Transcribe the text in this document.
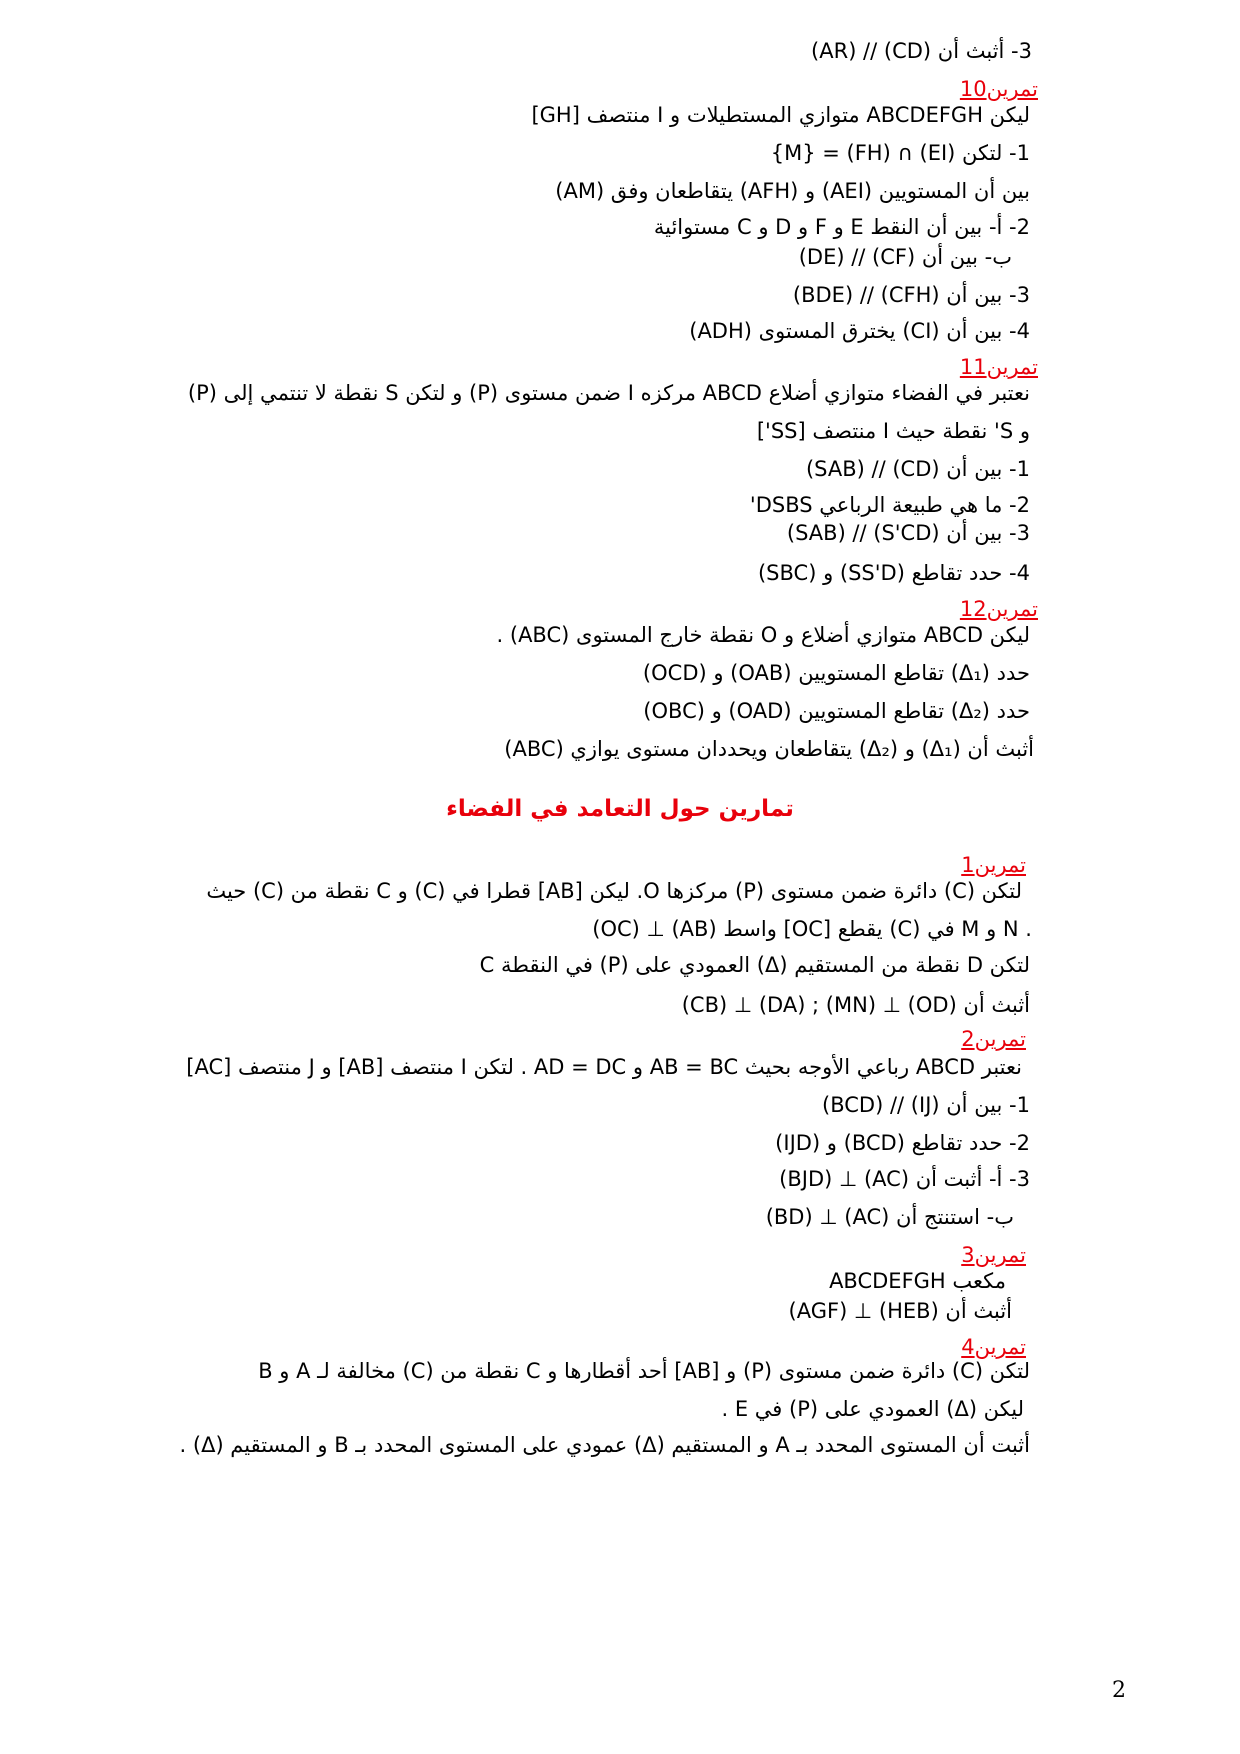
3- أثبث أن (CD) // (AR)
تمرين10
ليكن ABCDEFGH متوازي المستطيلات و I منتصف [GH]
1- لتكن (EI) ∩ (FH) = {M}
بين أن المستويين (AEI) و (AFH) يتقاطعان وفق (AM)
2- أ- بين أن النقط E و F و D و C مستوائية
ب- بين أن (CF) // (DE)
3- بين أن (CFH) // (BDE)
4- بين أن (CI) يخترق المستوى (ADH)
تمرين11
نعتبر في الفضاء متوازي أضلاع ABCD مركزه I ضمن مستوى (P) و لتكن S نقطة لا تنتمي إلى (P)
و S' نقطة حيث I منتصف [SS']
1- بين أن (CD) // (SAB)
2- ما هي طبيعة الرباعي DSBS'
3- بين أن (S'CD) // (SAB)
4- حدد تقاطع (SS'D) و (SBC)
تمرين12
ليكن ABCD متوازي أضلاع و O نقطة خارج المستوى (ABC) .
حدد (Δ₁) تقاطع المستويين (OAB) و (OCD)
حدد (Δ₂) تقاطع المستويين (OAD) و (OBC)
أثبث أن (Δ₁) و (Δ₂) يتقاطعان ويحددان مستوى يوازي (ABC)
تمارين حول التعامد في الفضاء
تمرين1
لتكن (C) دائرة ضمن مستوى (P) مركزها O. ليكن [AB] قطرا في (C) و C نقطة من (C) حيث
(OC) ⊥ (AB) واسط [OC] يقطع (C) في M و N .
لتكن D نقطة من المستقيم (Δ) العمودي على (P) في النقطة C
أثبث أن (OD) ⊥ (MN) ; (DA) ⊥ (CB)
تمرين2
نعتبر ABCD رباعي الأوجه بحيث AB = BC و AD = DC . لتكن I منتصف [AB] و J منتصف [AC]
1- بين أن (IJ) // (BCD)
2- حدد تقاطع (BCD) و (IJD)
3- أ- أثبت أن (AC) ⊥ (BJD)
ب- استنتج أن (AC) ⊥ (BD)
تمرين3
ABCDEFGH مكعب
أثبث أن (HEB) ⊥ (AGF)
تمرين4
لتكن (C) دائرة ضمن مستوى (P) و [AB] أحد أقطارها و C نقطة من (C) مخالفة لـ A و B
ليكن (Δ) العمودي على (P) في E .
أثبت أن المستوى المحدد بـ A و المستقيم (Δ) عمودي على المستوى المحدد بـ B و المستقيم (Δ) .
2
